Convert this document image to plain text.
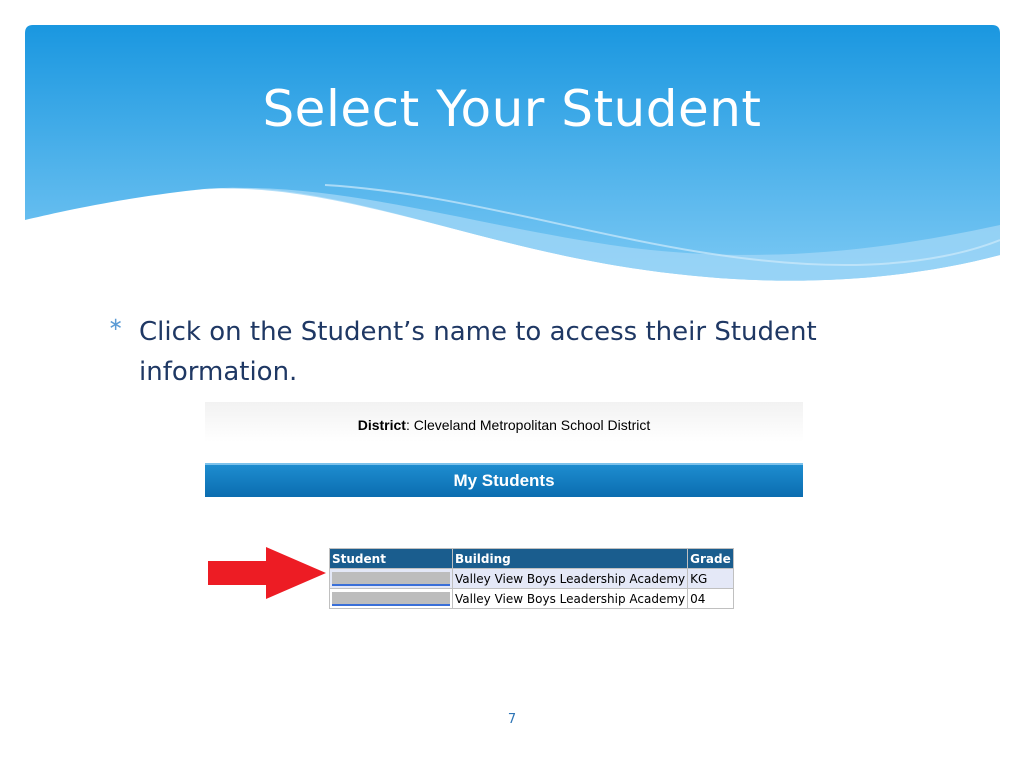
Select Your Student
∗ Click on the Student’s name to access their Student information.
District: Cleveland Metropolitan School District
My Students
Student	Building	Grade
	Valley View Boys Leadership Academy	KG
	Valley View Boys Leadership Academy	04
7
